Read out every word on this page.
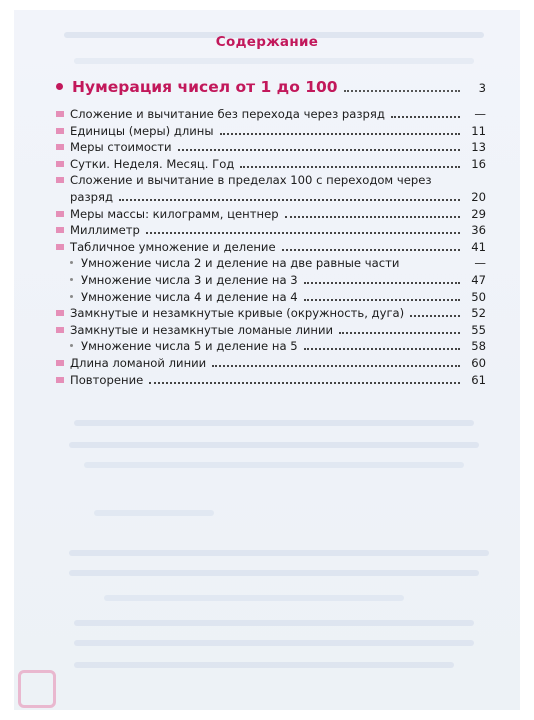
Содержание
Нумерация чисел от 1 до 100	3
Сложение и вычитание без перехода через разряд	—
Единицы (меры) длины	11
Меры стоимости	13
Сутки. Неделя. Месяц. Год	16
Сложение и вычитание в пределах 100 с переходом через
разряд	20
Меры массы: килограмм, центнер	29
Миллиметр	36
Табличное умножение и деление	41
Умножение числа 2 и деление на две равные части	—
Умножение числа 3 и деление на 3	47
Умножение числа 4 и деление на 4	50
Замкнутые и незамкнутые кривые (окружность, дуга)	52
Замкнутые и незамкнутые ломаные линии	55
Умножение числа 5 и деление на 5	58
Длина ломаной линии	60
Повторение	61
